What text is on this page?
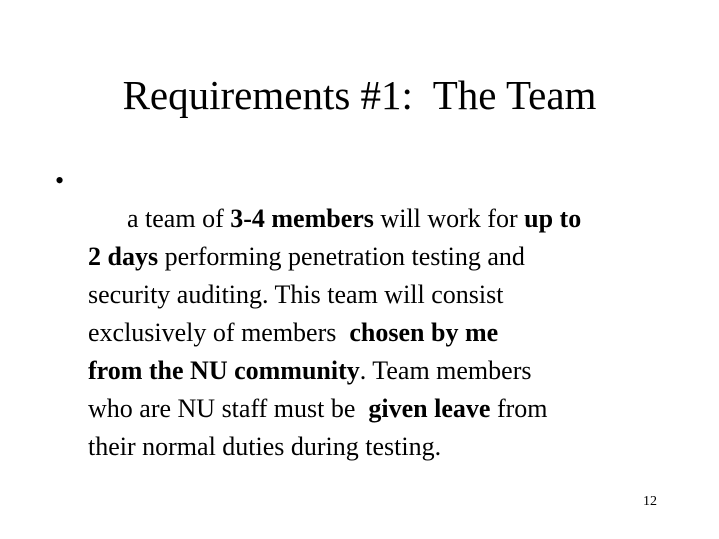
Requirements #1:  The Team
•

a team of 3-4 members will work for up to
2 days performing penetration testing and
security auditing. This team will consist
exclusively of members  chosen by me
from the NU community. Team members
who are NU staff must be  given leave from
their normal duties during testing.

12
